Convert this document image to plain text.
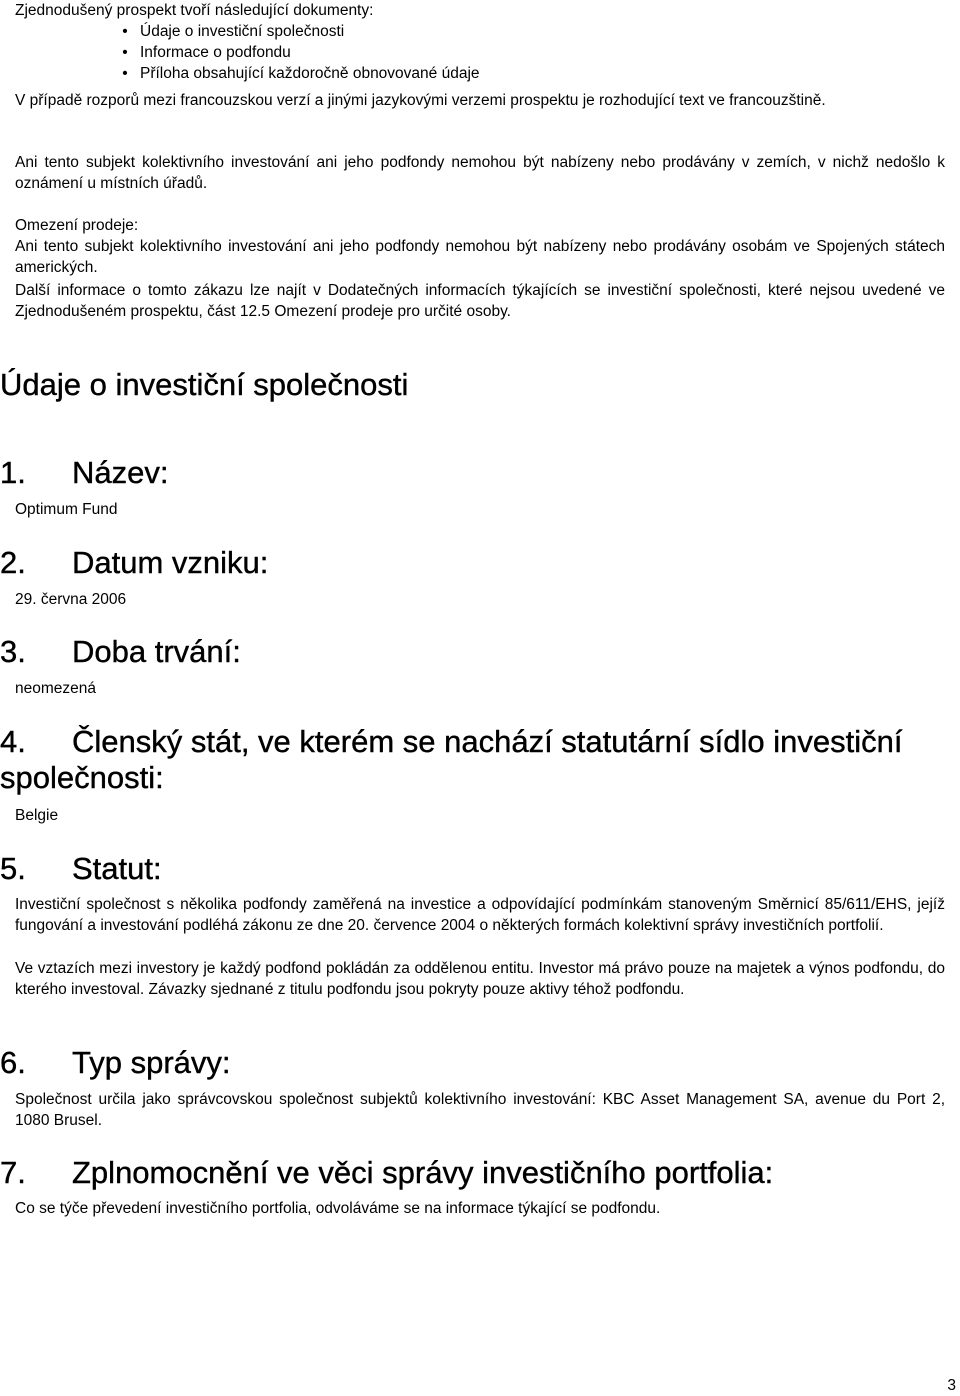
Zjednodušený prospekt tvoří následující dokumenty:

• Údaje o investiční společnosti
• Informace o podfondu
• Příloha obsahující každoročně obnovované údaje

V případě rozporů mezi francouzskou verzí a jinými jazykovými verzemi prospektu je rozhodující text ve francouzštině.

Ani tento subjekt kolektivního investování ani jeho podfondy nemohou být nabízeny nebo prodávány v zemích, v nichž nedošlo k oznámení u místních úřadů.

Omezení prodeje:

Ani tento subjekt kolektivního investování ani jeho podfondy nemohou být nabízeny nebo prodávány osobám ve Spojených státech amerických.

Další informace o tomto zákazu lze najít v Dodatečných informacích týkajících se investiční společnosti, které nejsou uvedené ve Zjednodušeném prospektu, část 12.5 Omezení prodeje pro určité osoby.

Údaje o investiční společnosti
1. Název:

Optimum Fund

2. Datum vzniku:

29. června 2006

3. Doba trvání:

neomezená

4. Členský stát, ve kterém se nachází statutární sídlo investiční společnosti:

Belgie

5. Statut:

Investiční společnost s několika podfondy zaměřená na investice a odpovídající podmínkám stanoveným Směrnicí 85/611/EHS, jejíž fungování a investování podléhá zákonu ze dne 20. července 2004 o některých formách kolektivní správy investičních portfolií.

Ve vztazích mezi investory je každý podfond pokládán za oddělenou entitu. Investor má právo pouze na majetek a výnos podfondu, do kterého investoval. Závazky sjednané z titulu podfondu jsou pokryty pouze aktivy téhož podfondu.

6. Typ správy:

Společnost určila jako správcovskou společnost subjektů kolektivního investování: KBC Asset Management SA, avenue du Port 2, 1080 Brusel.

7. Zplnomocnění ve věci správy investičního portfolia:

Co se týče převedení investičního portfolia, odvoláváme se na informace týkající se podfondu.

3
